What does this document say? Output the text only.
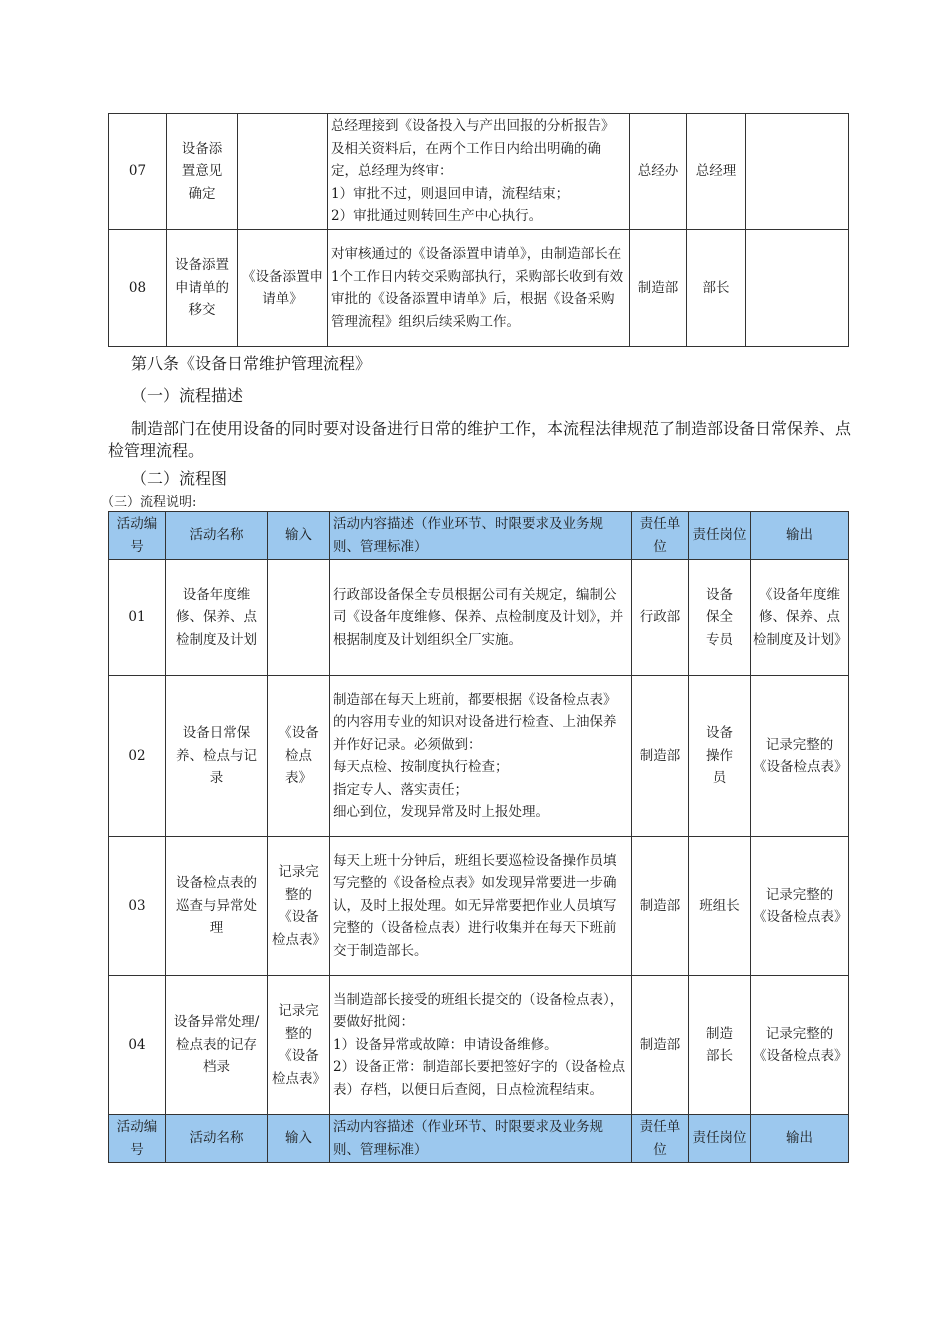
07	设备添置意见确定		总经理接到《设备投入与产出回报的分析报告》及相关资料后，在两个工作日内给出明确的确定，总经理为终审：
1）审批不过，则退回申请，流程结束；
2）审批通过则转回生产中心执行。	总经办	总经理	
08	设备添置申请单的移交	《设备添置申请单》	对审核通过的《设备添置申请单》，由制造部长在1个工作日内转交采购部执行，采购部长收到有效审批的《设备添置申请单》后，根据《设备采购管理流程》组织后续采购工作。	制造部	部长	
第八条《设备日常维护管理流程》
（一）流程描述
制造部门在使用设备的同时要对设备进行日常的维护工作，本流程法律规范了制造部设备日常保养、点检管理流程。
（二）流程图
（三）流程说明:
活动编号	活动名称	输入	活动内容描述（作业环节、时限要求及业务规则、管理标准）	责任单位	责任岗位	输出
01	设备年度维修、保养、点检制度及计划		行政部设备保全专员根据公司有关规定，编制公司《设备年度维修、保养、点检制度及计划》，并根据制度及计划组织全厂实施。	行政部	设备保全专员	《设备年度维修、保养、点检制度及计划》
02	设备日常保养、检点与记录	《设备检点表》	制造部在每天上班前，都要根据《设备检点表》的内容用专业的知识对设备进行检查、上油保养并作好记录。必须做到：
每天点检、按制度执行检查；
指定专人、落实责任；
细心到位，发现异常及时上报处理。	制造部	设备操作员	记录完整的《设备检点表》
03	设备检点表的巡查与异常处理	记录完整的《设备检点表》	每天上班十分钟后，班组长要巡检设备操作员填写完整的《设备检点表》如发现异常要进一步确认，及时上报处理。如无异常要把作业人员填写完整的（设备检点表）进行收集并在每天下班前交于制造部长。	制造部	班组长	记录完整的《设备检点表》
04	设备异常处理/检点表的记存档录	记录完整的《设备检点表》	当制造部长接受的班组长提交的（设备检点表），要做好批阅：
1）设备异常或故障：申请设备维修。
2）设备正常：制造部长要把签好字的（设备检点表）存档，以便日后查阅，日点检流程结束。	制造部	制造部长	记录完整的《设备检点表》
活动编号	活动名称	输入	活动内容描述（作业环节、时限要求及业务规则、管理标准）	责任单位	责任岗位	输出
